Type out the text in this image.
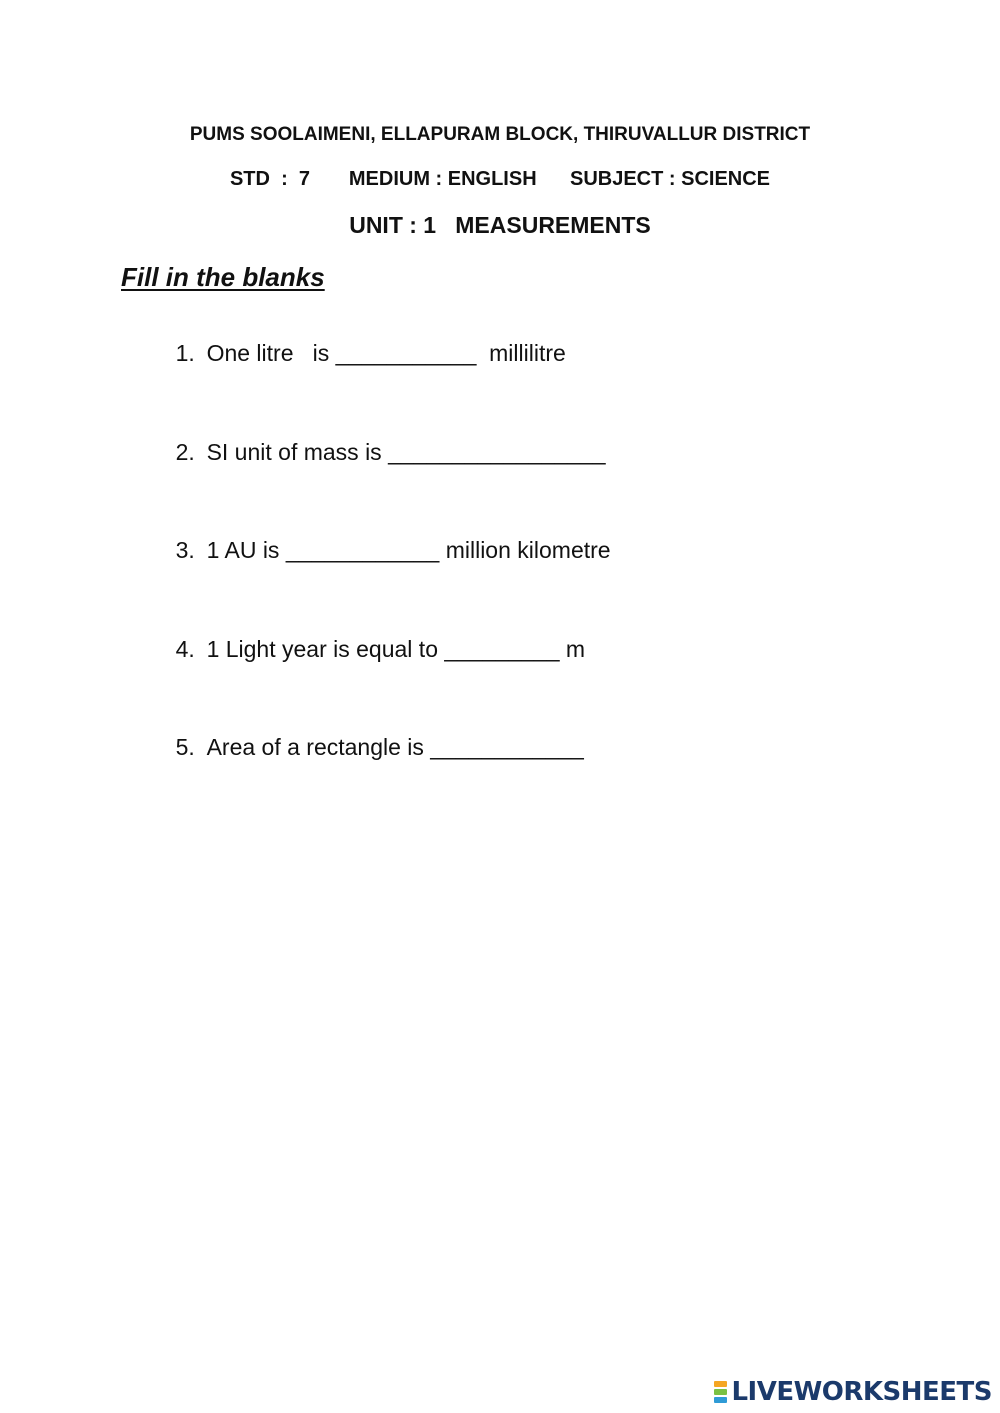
PUMS SOOLAIMENI, ELLAPURAM BLOCK, THIRUVALLUR DISTRICT
STD  :  7       MEDIUM : ENGLISH      SUBJECT : SCIENCE
UNIT : 1   MEASUREMENTS
Fill in the blanks

1. One litre   is ___________  millilitre

2. SI unit of mass is _________________

3. 1 AU is ____________ million kilometre

4. 1 Light year is equal to _________ m

5. Area of a rectangle is ____________

LIVEWORKSHEETS
